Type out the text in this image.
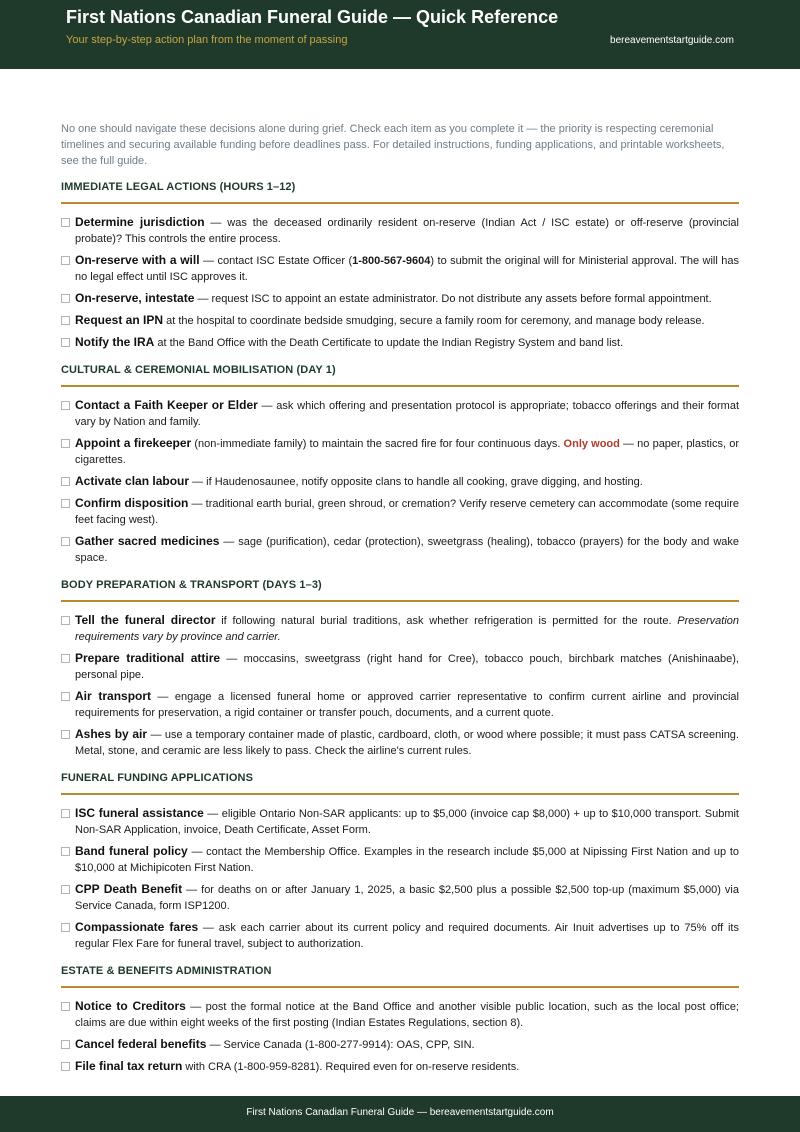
First Nations Canadian Funeral Guide — Quick Reference
Your step-by-step action plan from the moment of passing	bereavementstartguide.com

No one should navigate these decisions alone during grief. Check each item as you complete it — the priority is respecting ceremonial timelines and securing available funding before deadlines pass. For detailed instructions, funding applications, and printable worksheets, see the full guide.

IMMEDIATE LEGAL ACTIONS (HOURS 1–12)
Determine jurisdiction — was the deceased ordinarily resident on-reserve (Indian Act / ISC estate) or off-reserve (provincial probate)? This controls the entire process.
On-reserve with a will — contact ISC Estate Officer (1-800-567-9604) to submit the original will for Ministerial approval. The will has no legal effect until ISC approves it.
On-reserve, intestate — request ISC to appoint an estate administrator. Do not distribute any assets before formal appointment.
Request an IPN at the hospital to coordinate bedside smudging, secure a family room for ceremony, and manage body release.
Notify the IRA at the Band Office with the Death Certificate to update the Indian Registry System and band list.
CULTURAL & CEREMONIAL MOBILISATION (DAY 1)
Contact a Faith Keeper or Elder — ask which offering and presentation protocol is appropriate; tobacco offerings and their format vary by Nation and family.
Appoint a firekeeper (non-immediate family) to maintain the sacred fire for four continuous days. Only wood — no paper, plastics, or cigarettes.
Activate clan labour — if Haudenosaunee, notify opposite clans to handle all cooking, grave digging, and hosting.
Confirm disposition — traditional earth burial, green shroud, or cremation? Verify reserve cemetery can accommodate (some require feet facing west).
Gather sacred medicines — sage (purification), cedar (protection), sweetgrass (healing), tobacco (prayers) for the body and wake space.
BODY PREPARATION & TRANSPORT (DAYS 1–3)
Tell the funeral director if following natural burial traditions, ask whether refrigeration is permitted for the route. Preservation requirements vary by province and carrier.
Prepare traditional attire — moccasins, sweetgrass (right hand for Cree), tobacco pouch, birchbark matches (Anishinaabe), personal pipe.
Air transport — engage a licensed funeral home or approved carrier representative to confirm current airline and provincial requirements for preservation, a rigid container or transfer pouch, documents, and a current quote.
Ashes by air — use a temporary container made of plastic, cardboard, cloth, or wood where possible; it must pass CATSA screening. Metal, stone, and ceramic are less likely to pass. Check the airline's current rules.
FUNERAL FUNDING APPLICATIONS
ISC funeral assistance — eligible Ontario Non-SAR applicants: up to $5,000 (invoice cap $8,000) + up to $10,000 transport. Submit Non-SAR Application, invoice, Death Certificate, Asset Form.
Band funeral policy — contact the Membership Office. Examples in the research include $5,000 at Nipissing First Nation and up to $10,000 at Michipicoten First Nation.
CPP Death Benefit — for deaths on or after January 1, 2025, a basic $2,500 plus a possible $2,500 top-up (maximum $5,000) via Service Canada, form ISP1200.
Compassionate fares — ask each carrier about its current policy and required documents. Air Inuit advertises up to 75% off its regular Flex Fare for funeral travel, subject to authorization.
ESTATE & BENEFITS ADMINISTRATION
Notice to Creditors — post the formal notice at the Band Office and another visible public location, such as the local post office; claims are due within eight weeks of the first posting (Indian Estates Regulations, section 8).
Cancel federal benefits — Service Canada (1-800-277-9914): OAS, CPP, SIN.
File final tax return with CRA (1-800-959-8281). Required even for on-reserve residents.
First Nations Canadian Funeral Guide — bereavementstartguide.com
